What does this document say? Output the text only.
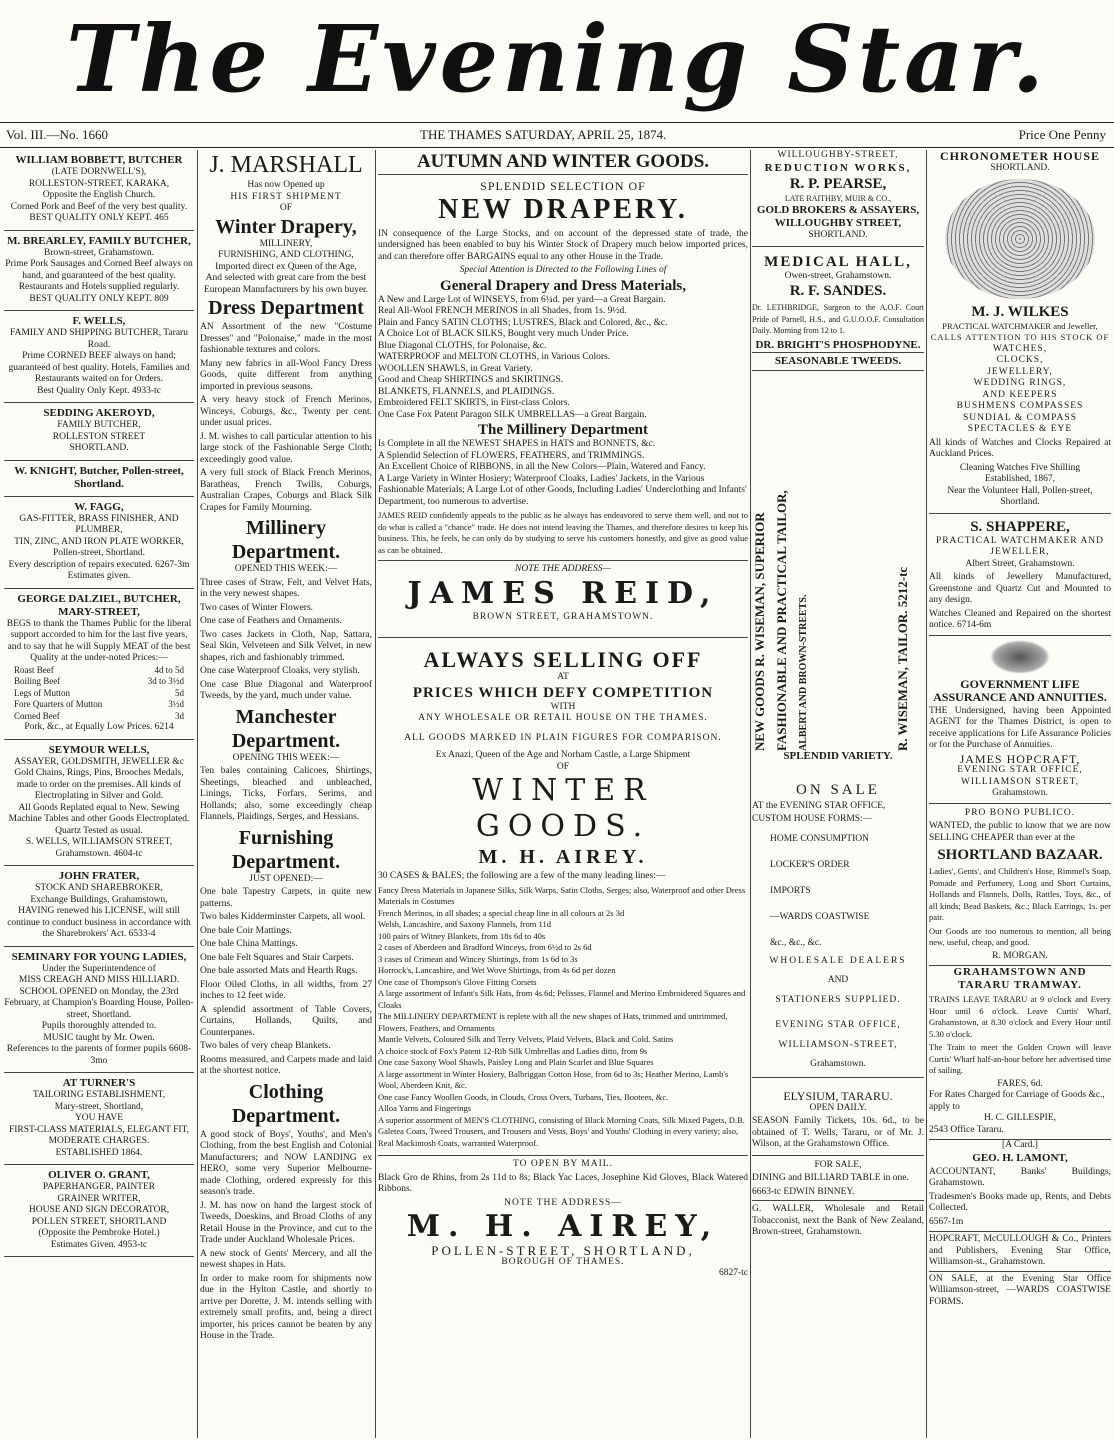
The Evening Star.
Vol. III.—No. 1660	THE THAMES SATURDAY, APRIL 25, 1874.	Price One Penny
WILLIAM BOBBETT, BUTCHER
(LATE DORNWELL'S),
ROLLESTON-STREET, KARAKA,
Opposite the English Church.
Corned Pork and Beef of the very best quality.
BEST QUALITY ONLY KEPT. 465
M. BREARLEY, FAMILY BUTCHER,
Brown-street, Grahamstown.
Prime Pork Sausages and Corned Beef always on hand, and guaranteed of the best quality. Restaurants and Hotels supplied regularly.
BEST QUALITY ONLY KEPT. 809
F. WELLS,
FAMILY AND SHIPPING BUTCHER, Tararu Road.
Prime CORNED BEEF always on hand; guaranteed of best quality. Hotels, Families and Restaurants waited on for Orders.
Best Quality Only Kept. 4933-tc
SEDDING AKEROYD,
FAMILY BUTCHER,
ROLLESTON STREET
SHORTLAND.
W. KNIGHT, Butcher, Pollen-street, Shortland.
W. FAGG,
GAS-FITTER, BRASS FINISHER, AND PLUMBER,
TIN, ZINC, AND IRON PLATE WORKER, Pollen-street, Shortland.
Every description of repairs executed. 6267-3m Estimates given.
GEORGE DALZIEL, BUTCHER, MARY-STREET,
BEGS to thank the Thames Public for the liberal support accorded to him for the last five years, and to say that he will Supply MEAT of the best Quality at the under-noted Prices:—
Roast Beef	4d to 5d
Boiling Beef	3d to 3½d
Legs of Mutton	5d
Fore Quarters of Mutton	3½d
Corned Beef	3d
Pork, &c., at Equally Low Prices. 6214
SEYMOUR WELLS,
ASSAYER, GOLDSMITH, JEWELLER &c
Gold Chains, Rings, Pins, Brooches Medals, made to order on the premises. All kinds of Electroplating in Silver and Gold.
All Goods Replated equal to New. Sewing Machine Tables and other Goods Electroplated.
Quartz Tested as usual.
S. WELLS, WILLIAMSON STREET, Grahamstown. 4604-tc
JOHN FRATER,
STOCK AND SHAREBROKER,
Exchange Buildings, Grahamstown,
HAVING renewed his LICENSE, will still continue to conduct business in accordance with the Sharebrokers' Act. 6533-4
SEMINARY FOR YOUNG LADIES,
Under the Superintendence of
MISS CREAGH AND MISS HILLIARD.
SCHOOL OPENED on Monday, the 23rd February, at Champion's Boarding House, Pollen-street, Shortland.
Pupils thoroughly attended to.
MUSIC taught by Mr. Owen.
References to the parents of former pupils 6608-3mo
AT TURNER'S
TAILORING ESTABLISHMENT,
Mary-street, Shortland,
YOU HAVE
FIRST-CLASS MATERIALS, ELEGANT FIT, MODERATE CHARGES.
ESTABLISHED 1864.
OLIVER O. GRANT,
PAPERHANGER, PAINTER
GRAINER WRITER,
HOUSE AND SIGN DECORATOR,
POLLEN STREET, SHORTLAND
(Opposite the Pembroke Hotel.)
Estimates Given. 4953-tc
J. MARSHALL
Has now Opened up
HIS FIRST SHIPMENT
OF
Winter Drapery,
MILLINERY,
FURNISHING, AND CLOTHING,
Imported direct ex Queen of the Age,
And selected with great care from the best European Manufacturers by his own buyer.
Dress Department

AN Assortment of the new "Costume Dresses" and "Polonaise," made in the most fashionable textures and colors.

Many new fabrics in all-Wool Fancy Dress Goods, quite different from anything imported in previous seasons.

A very heavy stock of French Merinos, Winceys, Coburgs, &c., Twenty per cent. under usual prices.

J. M. wishes to call particular attention to his large stock of the Fashionable Serge Cloth; exceedingly good value.

A very full stock of Black French Merinos, Baratheas, French Twills, Coburgs, Australian Crapes, Coburgs and Black Silk Crapes for Family Mourning.

Millinery Department.
OPENED THIS WEEK:—

Three cases of Straw, Felt, and Velvet Hats, in the very newest shapes.

Two cases of Winter Flowers.

One case of Feathers and Ornaments.

Two cases Jackets in Cloth, Nap, Sattara, Seal Skin, Velveteen and Silk Velvet, in new shapes, rich and fashionably trimmed.

One case Waterproof Cloaks, very stylish.

One case Blue Diagonal and Waterproof Tweeds, by the yard, much under value.

Manchester Department.
OPENING THIS WEEK:—

Ten bales containing Calicoes, Shirtings, Sheetings, bleached and unbleached, Linings, Ticks, Forfars, Serims, and Hollands; also, some exceedingly cheap Flannels, Plaidings, Serges, and Hessians.

Furnishing Department.
JUST OPENED:—

One bale Tapestry Carpets, in quite new patterns.

Two bales Kidderminster Carpets, all wool.

One bale Coir Mattings.

One bale China Mattings.

One bale Felt Squares and Stair Carpets.

One bale assorted Mats and Hearth Rugs.

Floor Oiled Cloths, in all widths, from 27 inches to 12 feet wide.

A splendid assortment of Table Covers, Curtains, Hollands, Quilts, and Counterpanes.

Two bales of very cheap Blankets.

Rooms measured, and Carpets made and laid at the shortest notice.

Clothing Department.

A good stock of Boys', Youths', and Men's Clothing, from the best English and Colonial Manufacturers; and NOW LANDING ex HERO, some very Superior Melbourne-made Clothing, ordered expressly for this season's trade.

J. M. has now on hand the largest stock of Tweeds, Doeskins, and Broad Cloths of any Retail House in the Province, and cut to the Trade under Auckland Wholesale Prices.

A new stock of Gents' Mercery, and all the newest shapes in Hats.

In order to make room for shipments now due in the Hylton Castle, and shortly to arrive per Dorette, J. M. intends selling with extremely small profits, and, being a direct importer, his prices cannot be beaten by any House in the Trade.

AUTUMN AND WINTER GOODS.
SPLENDID SELECTION OF
NEW DRAPERY.

IN consequence of the Large Stocks, and on account of the depressed state of trade, the undersigned has been enabled to buy his Winter Stock of Drapery much below imported prices, and can therefore offer BARGAINS equal to any other House in the Trade.

Special Attention is Directed to the Following Lines of
General Drapery and Dress Materials,
A New and Large Lot of WINSEYS, from 6¼d. per yard—a Great Bargain.
Real All-Wool FRENCH MERINOS in all Shades, from 1s. 9½d.
Plain and Fancy SATIN CLOTHS; LUSTRES, Black and Colored, &c., &c.
A Choice Lot of BLACK SILKS, Bought very much Under Price.
Blue Diagonal CLOTHS, for Polonaise, &c.
WATERPROOF and MELTON CLOTHS, in Various Colors.
WOOLLEN SHAWLS, in Great Variety.
Good and Cheap SHIRTINGS and SKIRTINGS.
BLANKETS, FLANNELS, and PLAIDINGS.
Embroidered FELT SKIRTS, in First-class Colors.
One Case Fox Patent Paragon SILK UMBRELLAS—a Great Bargain.
The Millinery Department
Is Complete in all the NEWEST SHAPES in HATS and BONNETS, &c.
A Splendid Selection of FLOWERS, FEATHERS, and TRIMMINGS.
An Excellent Choice of RIBBONS, in all the New Colors—Plain, Watered and Fancy.
A Large Variety in Winter Hosiery; Waterproof Cloaks, Ladies' Jackets, in the Various Fashionable Materials; A Large Lot of other Goods, Including Ladies' Underclothing and Infants' Department, too numerous to advertise.

JAMES REID confidently appeals to the public as he always has endeavored to serve them well, and not to do what is called a "chance" trade. He does not intend leaving the Thames, and therefore desires to keep his business. This, he feels, he can only do by studying to serve his customers honestly, and give as good value as can be obtained.

NOTE THE ADDRESS—
JAMES REID,
BROWN STREET, GRAHAMSTOWN.
ALWAYS SELLING OFF
AT
PRICES WHICH DEFY COMPETITION
WITH
ANY WHOLESALE OR RETAIL HOUSE ON THE THAMES.
ALL GOODS MARKED IN PLAIN FIGURES FOR COMPARISON.
Ex Anazi, Queen of the Age and Norham Castle, a Large Shipment
OF
WINTER GOODS.
M. H. AIREY.

30 CASES & BALES; the following are a few of the many leading lines:—

Fancy Dress Materials in Japanese Silks, Silk Warps, Satin Cloths, Serges; also, Waterproof and other Dress Materials in Costumes
French Merinos, in all shades; a special cheap line in all colours at 2s 3d
Welsh, Lancashire, and Saxony Flannels, from 11d
100 pairs of Witney Blankets, from 18s 6d to 40s
2 cases of Aberdeen and Bradford Winceys, from 6½d to 2s 6d
3 cases of Crimean and Wincey Shirtings, from 1s 6d to 3s
Horrock's, Lancashire, and Wet Wove Shirtings, from 4s 6d per dozen
One case of Thompson's Glove Fitting Corsets
A large assortment of Infant's Silk Hats, from 4s 6d; Pelisses, Flannel and Merino Embroidered Squares and Cloaks
The MILLINERY DEPARTMENT is replete with all the new shapes of Hats, trimmed and untrimmed, Flowers, Feathers, and Ornaments
Mantle Velvets, Coloured Silk and Terry Velvets, Plaid Velvets, Black and Cold. Satins
A choice stock of Fox's Patent 12-Rib Silk Umbrellas and Ladies ditto, from 9s
One case Saxony Wool Shawls, Paisley Long and Plain Scarlet and Blue Squares
A large assortment in Winter Hosiery, Balbriggan Cotton Hose, from 6d to 3s; Heather Merino, Lamb's Wool, Aberdeen Knit, &c.
One case Fancy Woollen Goods, in Clouds, Cross Overs, Turbans, Ties, Bootees, &c.
Alloa Yarns and Fingerings
A superior assortment of MEN'S CLOTHING, consisting of Black Morning Coats, Silk Mixed Pagets, D.B. Galetea Coats, Tweed Trousers, and Trousers and Vests, Boys' and Youths' Clothing in every variety; also, Real Mackintosh Coats, warranted Waterproof.
TO OPEN BY MAIL.

Black Gro de Rhins, from 2s 11d to 8s; Black Yac Laces, Josephine Kid Gloves, Black Watered Ribbons.

NOTE THE ADDRESS—
M. H. AIREY,
POLLEN-STREET, SHORTLAND,
BOROUGH OF THAMES.
6827-tc
WILLOUGHBY-STREET,
REDUCTION WORKS,
R. P. PEARSE,
LATE RAITHBY, MUIR & CO.,
GOLD BROKERS & ASSAYERS,
WILLOUGHBY STREET,
SHORTLAND.
MEDICAL HALL,
Owen-street, Grahamstown.
R. F. SANDES.

Dr. LETHBRIDGE, Surgeon to the A.O.F. Court Pride of Parnell, H.S., and G.U.O.O.F. Consultation Daily. Morning from 12 to 1.

DR. BRIGHT'S PHOSPHODYNE.
SEASONABLE TWEEDS.
NEW GOODS R. WISEMAN, SUPERIOR FASHIONABLE AND PRACTICAL TAILOR, ALBERT AND BROWN-STREETS.	R. WISEMAN, TAILOR. 5212-tc
SPLENDID VARIETY.
ON SALE

AT the EVENING STAR OFFICE,

CUSTOM HOUSE FORMS:—
HOME CONSUMPTION
LOCKER'S ORDER
IMPORTS
—WARDS COASTWISE
&c., &c., &c.
WHOLESALE DEALERS
AND
STATIONERS SUPPLIED.
EVENING STAR OFFICE,
WILLIAMSON-STREET,
Grahamstown.
ELYSIUM, TARARU.
OPEN DAILY.

SEASON Family Tickets, 10s. 6d., to be obtained of T. Wells, Tararu, or of Mr. J. Wilson, at the Grahamstown Office.

FOR SALE,

DINING and BILLIARD TABLE in one.

6663-tc EDWIN BINNEY.

G. WALLER, Wholesale and Retail Tobacconist, next the Bank of New Zealand, Brown-street, Grahamstown.

CHRONOMETER HOUSE
SHORTLAND.
M. J. WILKES
PRACTICAL WATCHMAKER and Jeweller,
CALLS ATTENTION TO HIS STOCK OF
WATCHES,
CLOCKS,
JEWELLERY,
WEDDING RINGS,
AND KEEPERS
BUSHMENS COMPASSES
SUNDIAL & COMPASS
SPECTACLES & EYE

All kinds of Watches and Clocks Repaired at Auckland Prices.

Cleaning Watches Five Shilling
Established, 1867,
Near the Volunteer Hall, Pollen-street, Shortland.
S. SHAPPERE,
PRACTICAL WATCHMAKER AND JEWELLER,
Albert Street, Grahamstown.

All kinds of Jewellery Manufactured, Greenstone and Quartz Cut and Mounted to any design.

Watches Cleaned and Repaired on the shortest notice. 6714-6m

GOVERNMENT LIFE ASSURANCE AND ANNUITIES.

THE Undersigned, having been Appointed AGENT for the Thames District, is open to receive applications for Life Assurance Policies or for the Purchase of Annuities.

JAMES HOPCRAFT,
EVENING STAR OFFICE,
WILLIAMSON STREET,
Grahamstown.
PRO BONO PUBLICO.

WANTED, the public to know that we are now SELLING CHEAPER than ever at the

SHORTLAND BAZAAR.

Ladies', Gents', and Children's Hose, Rimmel's Soap, Pomade and Perfumery, Long and Short Curtains, Hollands and Flannels, Dolls, Rattles, Toys, &c., of all kinds; Bead Baskets, &c.; Black Earrings, 1s. per pair.

Our Goods are too numerous to mention, all being new, useful, cheap, and good.

R. MORGAN.
GRAHAMSTOWN AND TARARU TRAMWAY.

TRAINS LEAVE TARARU at 9 o'clock and Every Hour until 6 o'clock. Leave Curtis' Wharf, Grahamstown, at 8.30 o'clock and Every Hour until 5.30 o'clock.

The Train to meet the Golden Crown will leave Curtis' Wharf half-an-hour before her advertised time of sailing.

FARES, 6d.
For Rates Charged for Carriage of Goods &c., apply to
H. C. GILLESPIE,
2543 Office Tararu.
[A Card.]
GEO. H. LAMONT,

ACCOUNTANT, Banks' Buildings, Grahamstown.

Tradesmen's Books made up, Rents, and Debts Collected.

6567-1m

HOPCRAFT, McCULLOUGH & Co., Printers and Publishers, Evening Star Office, Williamson-st., Grahamstown.

ON SALE, at the Evening Star Office Williamson-street, —WARDS COASTWISE FORMS.
